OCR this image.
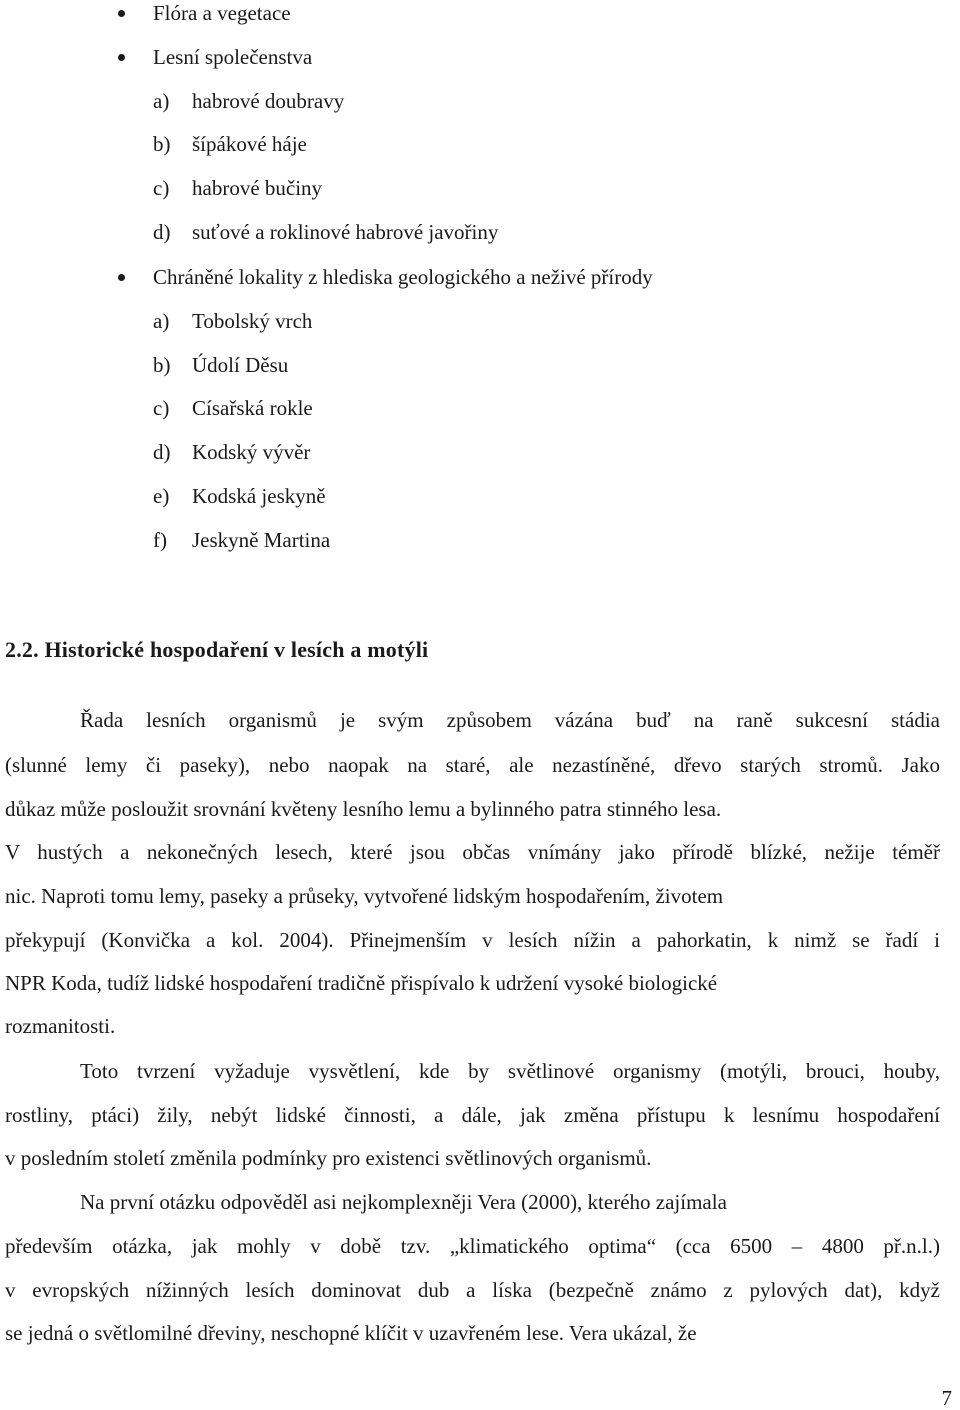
Flóra a vegetace
Lesní společenstva
a) habrové doubravy
b) šípákové háje
c) habrové bučiny
d) suťové a roklinové habrové javořiny
Chráněné lokality z hlediska geologického a neživé přírody
a) Tobolský vrch
b) Údolí Děsu
c) Císařská rokle
d) Kodský vývěr
e) Kodská jeskyně
f) Jeskyně Martina
2.2. Historické hospodaření v lesích a motýli
Řada lesních organismů je svým způsobem vázána buď na raně sukcesní stádia
(slunné lemy či paseky), nebo naopak na staré, ale nezastíněné, dřevo starých stromů. Jako
důkaz může posloužit srovnání květeny lesního lemu a bylinného patra stinného lesa.
V hustých a nekonečných lesech, které jsou občas vnímány jako přírodě blízké, nežije téměř
nic. Naproti tomu lemy, paseky a průseky, vytvořené lidským hospodařením, životem
překypují (Konvička a kol. 2004). Přinejmenším v lesích nížin a pahorkatin, k nimž se řadí i
NPR Koda, tudíž lidské hospodaření tradičně přispívalo k udržení vysoké biologické
rozmanitosti.
Toto tvrzení vyžaduje vysvětlení, kde by světlinové organismy (motýli, brouci, houby,
rostliny, ptáci) žily, nebýt lidské činnosti, a dále, jak změna přístupu k lesnímu hospodaření
v posledním století změnila podmínky pro existenci světlinových organismů.
Na první otázku odpověděl asi nejkomplexněji Vera (2000), kterého zajímala
především otázka, jak mohly v době tzv. „klimatického optima“ (cca 6500 – 4800 př.n.l.)
v evropských nížinných lesích dominovat dub a líska (bezpečně známo z pylových dat), když
se jedná o světlomilné dřeviny, neschopné klíčit v uzavřeném lese. Vera ukázal, že
7
